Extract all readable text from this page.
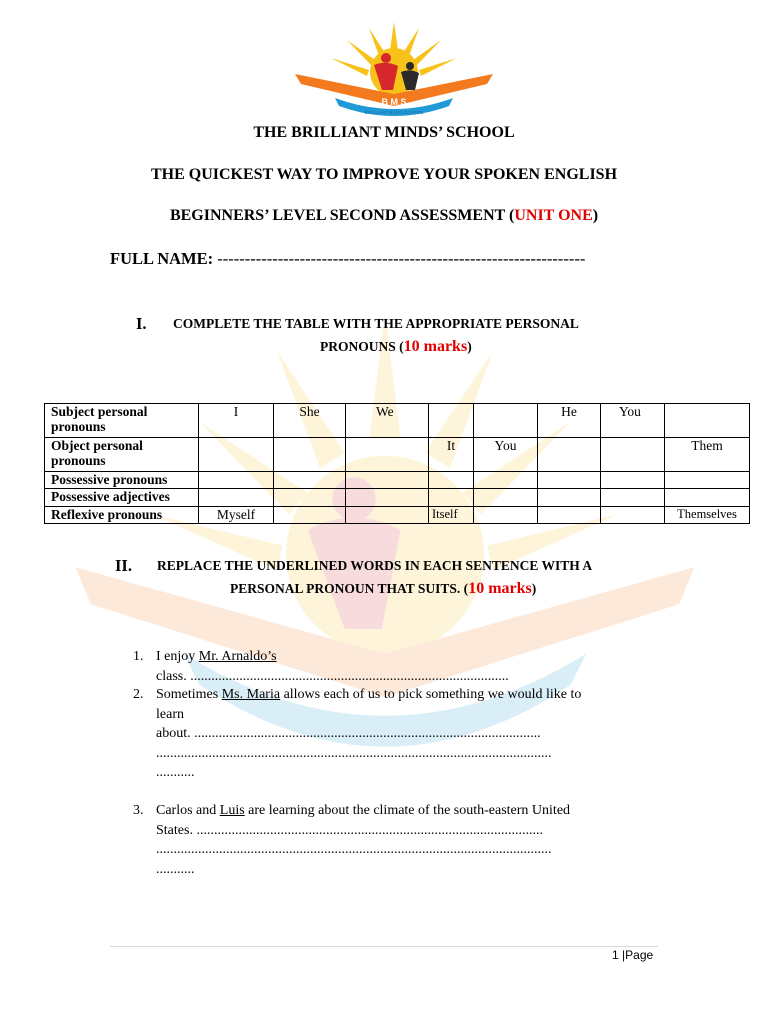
B M S
BRILLIANT MINDS SCHOOL
THE BRILLIANT MINDS’ SCHOOL
THE QUICKEST WAY TO IMPROVE YOUR SPOKEN ENGLISH
BEGINNERS’ LEVEL SECOND ASSESSMENT (UNIT ONE)
FULL NAME: -------------------------------------------------------------------
I. COMPLETE THE TABLE WITH THE APPROPRIATE PERSONAL
PRONOUNS (10 marks)
Subject personal pronouns	I	She	We			He	You	
Object personal pronouns				It	You			Them
Possessive pronouns								
Possessive adjectives								
Reflexive pronouns	Myself			Itself				Themselves
II. REPLACE THE UNDERLINED WORDS IN EACH SENTENCE WITH A
PERSONAL PRONOUN THAT SUITS. (10 marks)
1. I enjoy Mr. Arnaldo’s
class. ...........................................................................................
2. Sometimes Ms. Maria allows each of us to pick something we would like to
learn
about. ...................................................................................................
.................................................................................................................
...........
3. Carlos and Luis are learning about the climate of the south-eastern United
States. ...................................................................................................
.................................................................................................................
...........
1 |Page
